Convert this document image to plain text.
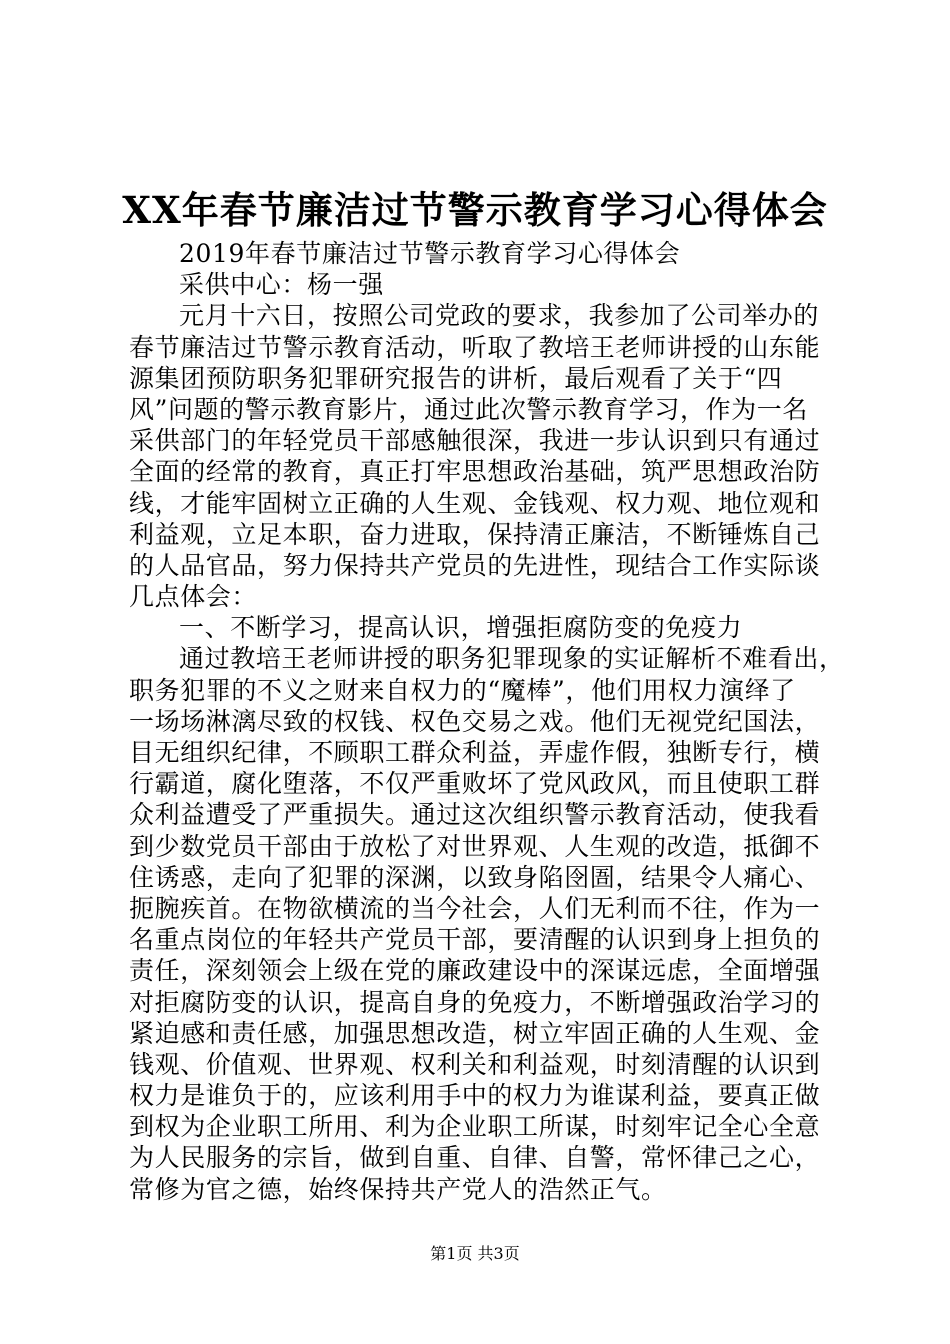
XX年春节廉洁过节警示教育学习心得体会
2019年春节廉洁过节警示教育学习心得体会
采供中心：杨一强
元月十六日，按照公司党政的要求，我参加了公司举办的
春节廉洁过节警示教育活动，听取了教培王老师讲授的山东能
源集团预防职务犯罪研究报告的讲析，最后观看了关于“四
风”问题的警示教育影片，通过此次警示教育学习，作为一名
采供部门的年轻党员干部感触很深，我进一步认识到只有通过
全面的经常的教育，真正打牢思想政治基础，筑严思想政治防
线，才能牢固树立正确的人生观、金钱观、权力观、地位观和
利益观，立足本职，奋力进取，保持清正廉洁，不断锤炼自己
的人品官品，努力保持共产党员的先进性，现结合工作实际谈
几点体会：
一、不断学习，提高认识，增强拒腐防变的免疫力
通过教培王老师讲授的职务犯罪现象的实证解析不难看出，
职务犯罪的不义之财来自权力的“魔棒”，他们用权力演绎了
一场场淋漓尽致的权钱、权色交易之戏。他们无视党纪国法，
目无组织纪律，不顾职工群众利益，弄虚作假，独断专行，横
行霸道，腐化堕落，不仅严重败坏了党风政风，而且使职工群
众利益遭受了严重损失。通过这次组织警示教育活动，使我看
到少数党员干部由于放松了对世界观、人生观的改造，抵御不
住诱惑，走向了犯罪的深渊，以致身陷囹圄，结果令人痛心、
扼腕疾首。在物欲横流的当今社会，人们无利而不往，作为一
名重点岗位的年轻共产党员干部，要清醒的认识到身上担负的
责任，深刻领会上级在党的廉政建设中的深谋远虑，全面增强
对拒腐防变的认识，提高自身的免疫力，不断增强政治学习的
紧迫感和责任感，加强思想改造，树立牢固正确的人生观、金
钱观、价值观、世界观、权利关和利益观，时刻清醒的认识到
权力是谁负于的，应该利用手中的权力为谁谋利益，要真正做
到权为企业职工所用、利为企业职工所谋，时刻牢记全心全意
为人民服务的宗旨，做到自重、自律、自警，常怀律己之心，
常修为官之德，始终保持共产党人的浩然正气。
第1页 共3页
